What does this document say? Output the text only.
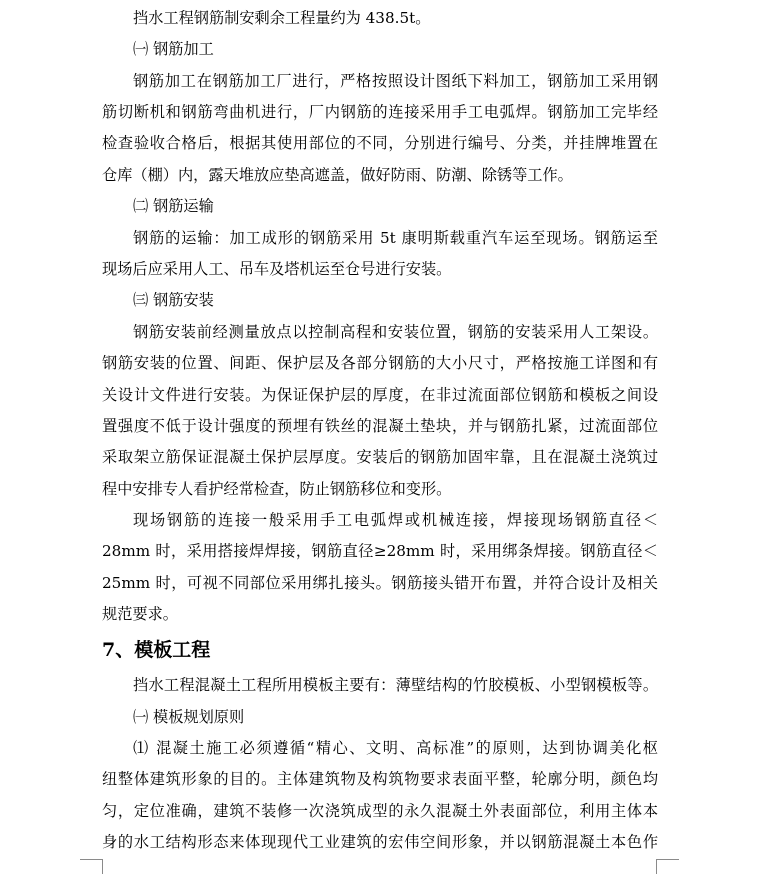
挡水工程钢筋制安剩余工程量约为 438.5t。
㈠ 钢筋加工
钢筋加工在钢筋加工厂进行，严格按照设计图纸下料加工，钢筋加工采用钢
筋切断机和钢筋弯曲机进行，厂内钢筋的连接采用手工电弧焊。钢筋加工完毕经
检查验收合格后，根据其使用部位的不同，分别进行编号、分类，并挂牌堆置在
仓库（棚）内，露天堆放应垫高遮盖，做好防雨、防潮、除锈等工作。
㈡ 钢筋运输
钢筋的运输：加工成形的钢筋采用 5t 康明斯载重汽车运至现场。钢筋运至
现场后应采用人工、吊车及塔机运至仓号进行安装。
㈢ 钢筋安装
钢筋安装前经测量放点以控制高程和安装位置，钢筋的安装采用人工架设。
钢筋安装的位置、间距、保护层及各部分钢筋的大小尺寸，严格按施工详图和有
关设计文件进行安装。为保证保护层的厚度，在非过流面部位钢筋和模板之间设
置强度不低于设计强度的预埋有铁丝的混凝土垫块，并与钢筋扎紧，过流面部位
采取架立筋保证混凝土保护层厚度。安装后的钢筋加固牢靠，且在混凝土浇筑过
程中安排专人看护经常检查，防止钢筋移位和变形。
现场钢筋的连接一般采用手工电弧焊或机械连接，焊接现场钢筋直径＜
28mm 时，采用搭接焊焊接，钢筋直径≥28mm 时，采用绑条焊接。钢筋直径＜
25mm 时，可视不同部位采用绑扎接头。钢筋接头错开布置，并符合设计及相关
规范要求。
7、模板工程
挡水工程混凝土工程所用模板主要有：薄壁结构的竹胶模板、小型钢模板等。
㈠ 模板规划原则
⑴ 混凝土施工必须遵循“精心、文明、高标准”的原则，达到协调美化枢
纽整体建筑形象的目的。主体建筑物及构筑物要求表面平整，轮廓分明，颜色均
匀，定位准确，建筑不装修一次浇筑成型的永久混凝土外表面部位，利用主体本
身的水工结构形态来体现现代工业建筑的宏伟空间形象，并以钢筋混凝土本色作
